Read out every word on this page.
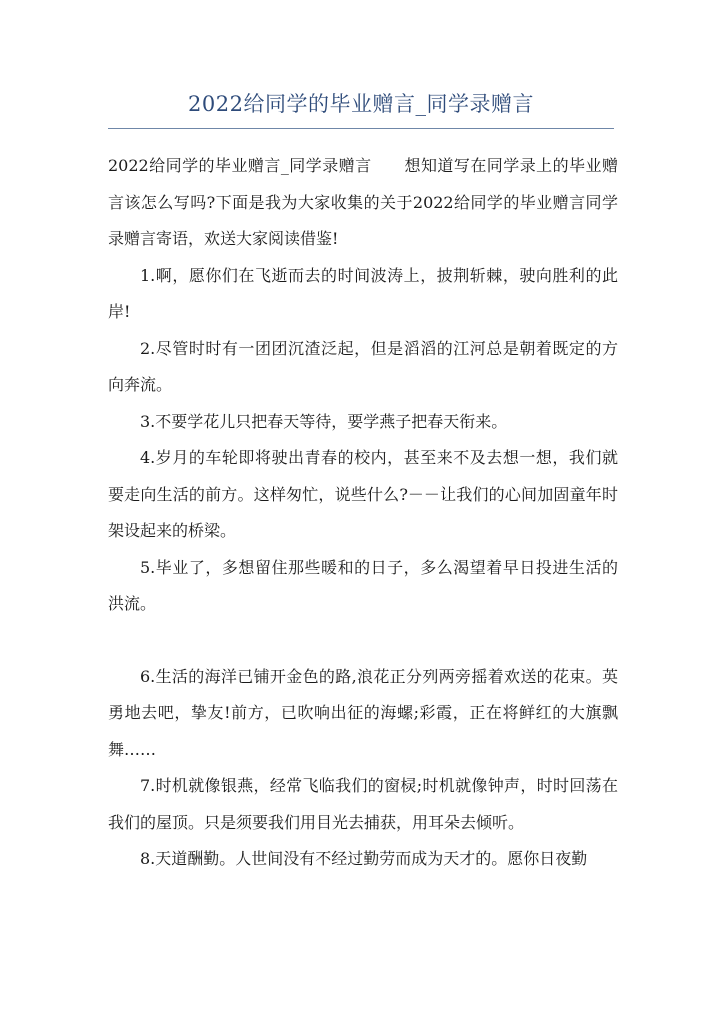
2022给同学的毕业赠言_同学录赠言

2022给同学的毕业赠言_同学录赠言　　想知道写在同学录上的毕业赠言该怎么写吗?下面是我为大家收集的关于2022给同学的毕业赠言同学录赠言寄语，欢送大家阅读借鉴!

1.啊，愿你们在飞逝而去的时间波涛上，披荆斩棘，驶向胜利的此岸!

2.尽管时时有一团团沉渣泛起，但是滔滔的江河总是朝着既定的方向奔流。

3.不要学花儿只把春天等待，要学燕子把春天衔来。

4.岁月的车轮即将驶出青春的校内，甚至来不及去想一想，我们就要走向生活的前方。这样匆忙，说些什么?－－让我们的心间加固童年时架设起来的桥梁。

5.毕业了，多想留住那些暖和的日子，多么渴望着早日投进生活的洪流。

6.生活的海洋已铺开金色的路,浪花正分列两旁摇着欢送的花束。英勇地去吧，挚友!前方，已吹响出征的海螺;彩霞，正在将鲜红的大旗飘舞……

7.时机就像银燕，经常飞临我们的窗棂;时机就像钟声，时时回荡在我们的屋顶。只是须要我们用目光去捕获，用耳朵去倾听。

8.天道酬勤。人世间没有不经过勤劳而成为天才的。愿你日夜勤
